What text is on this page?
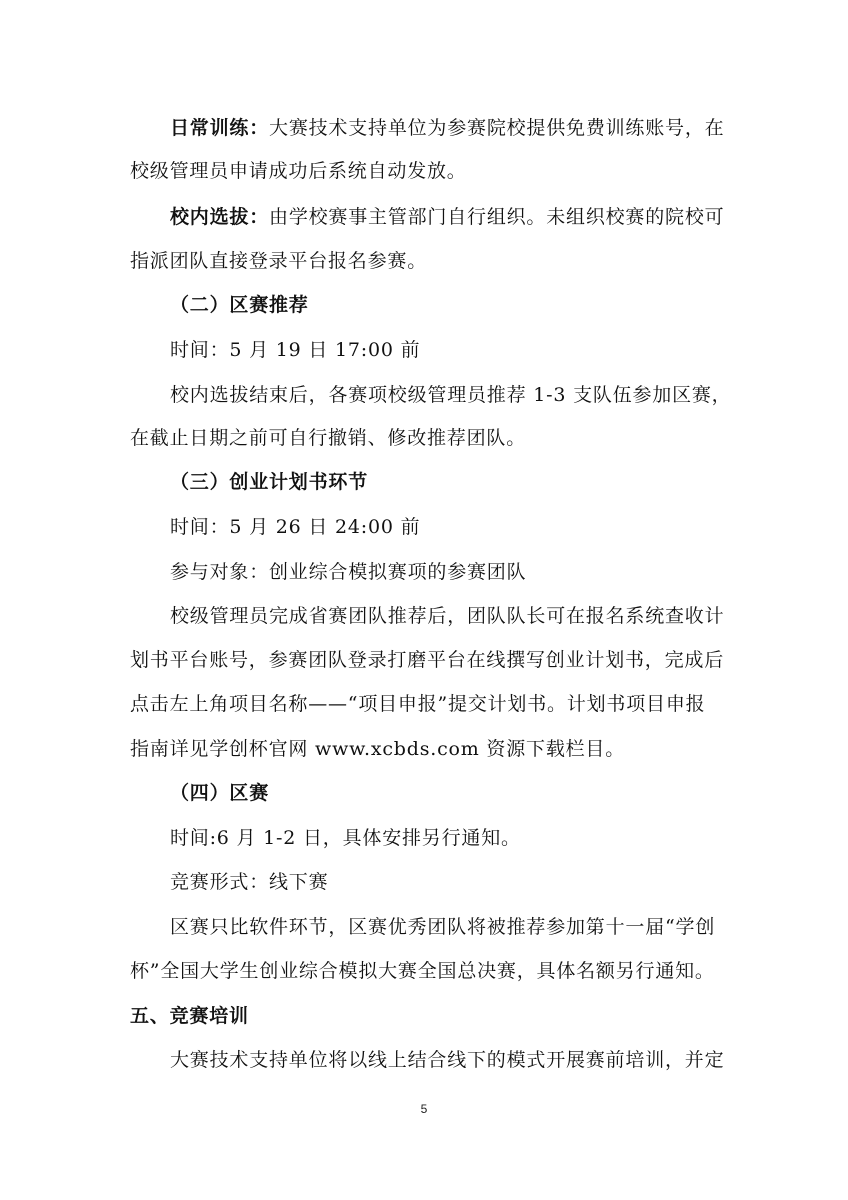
日常训练：大赛技术支持单位为参赛院校提供免费训练账号，在
校级管理员申请成功后系统自动发放。
校内选拔：由学校赛事主管部门自行组织。未组织校赛的院校可
指派团队直接登录平台报名参赛。
（二）区赛推荐
时间：5 月 19 日 17:00 前
校内选拔结束后，各赛项校级管理员推荐 1-3 支队伍参加区赛，
在截止日期之前可自行撤销、修改推荐团队。
（三）创业计划书环节
时间：5 月 26 日 24:00 前
参与对象：创业综合模拟赛项的参赛团队
校级管理员完成省赛团队推荐后，团队队长可在报名系统查收计
划书平台账号，参赛团队登录打磨平台在线撰写创业计划书，完成后
点击左上角项目名称——“项目申报”提交计划书。计划书项目申报
指南详见学创杯官网 www.xcbds.com 资源下载栏目。
（四）区赛
时间:6 月 1-2 日，具体安排另行通知。
竞赛形式：线下赛
区赛只比软件环节，区赛优秀团队将被推荐参加第十一届“学创
杯”全国大学生创业综合模拟大赛全国总决赛，具体名额另行通知。
五、竞赛培训
大赛技术支持单位将以线上结合线下的模式开展赛前培训，并定
5
